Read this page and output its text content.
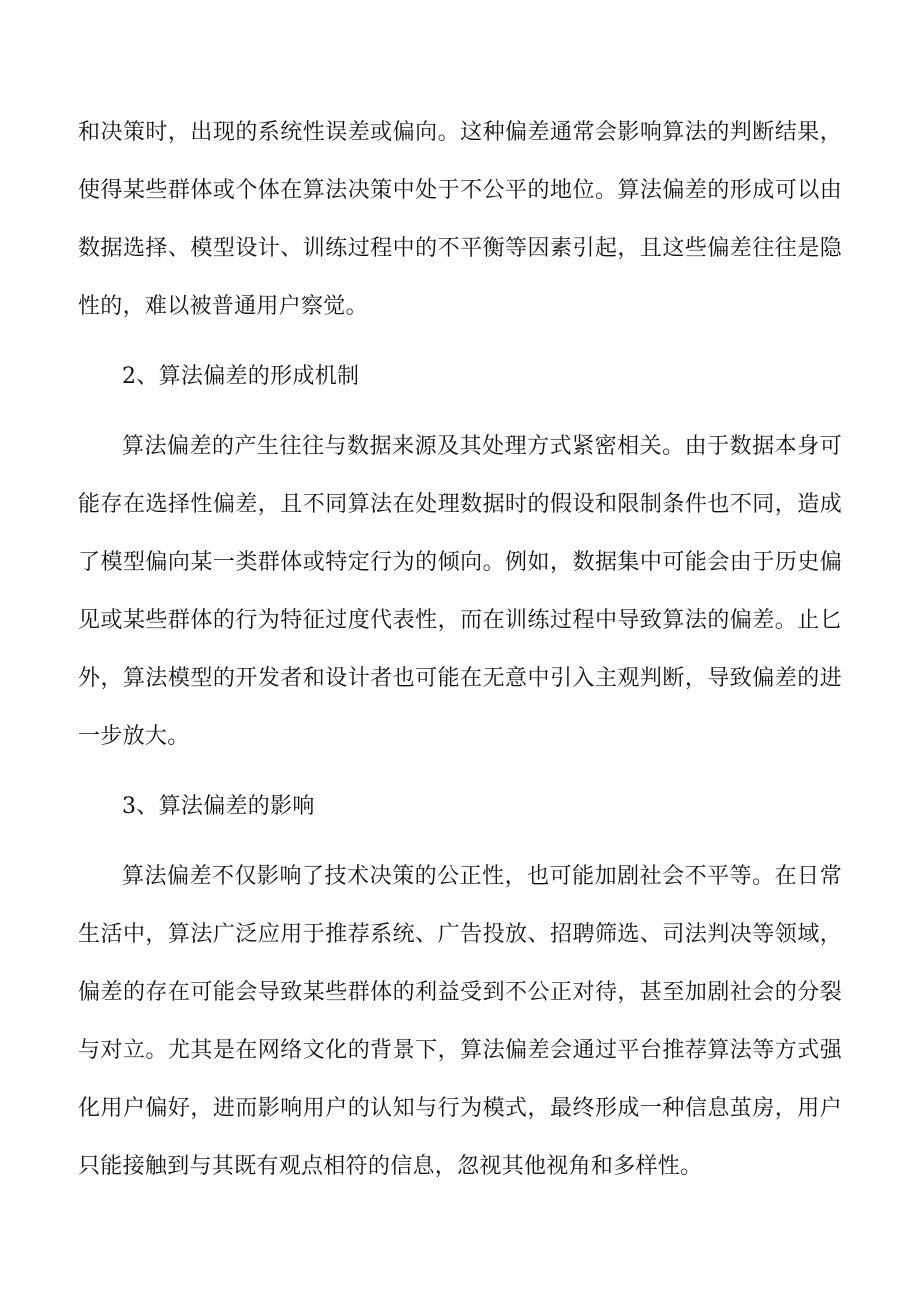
和决策时，出现的系统性误差或偏向。这种偏差通常会影响算法的判断结果，使得某些群体或个体在算法决策中处于不公平的地位。算法偏差的形成可以由数据选择、模型设计、训练过程中的不平衡等因素引起，且这些偏差往往是隐性的，难以被普通用户察觉。

2、算法偏差的形成机制

算法偏差的产生往往与数据来源及其处理方式紧密相关。由于数据本身可能存在选择性偏差，且不同算法在处理数据时的假设和限制条件也不同，造成了模型偏向某一类群体或特定行为的倾向。例如，数据集中可能会由于历史偏见或某些群体的行为特征过度代表性，而在训练过程中导致算法的偏差。止匕外，算法模型的开发者和设计者也可能在无意中引入主观判断，导致偏差的进一步放大。

3、算法偏差的影响

算法偏差不仅影响了技术决策的公正性，也可能加剧社会不平等。在日常生活中，算法广泛应用于推荐系统、广告投放、招聘筛选、司法判决等领域，偏差的存在可能会导致某些群体的利益受到不公正对待，甚至加剧社会的分裂与对立。尤其是在网络文化的背景下，算法偏差会通过平台推荐算法等方式强化用户偏好，进而影响用户的认知与行为模式，最终形成一种信息茧房，用户只能接触到与其既有观点相符的信息，忽视其他视角和多样性。
